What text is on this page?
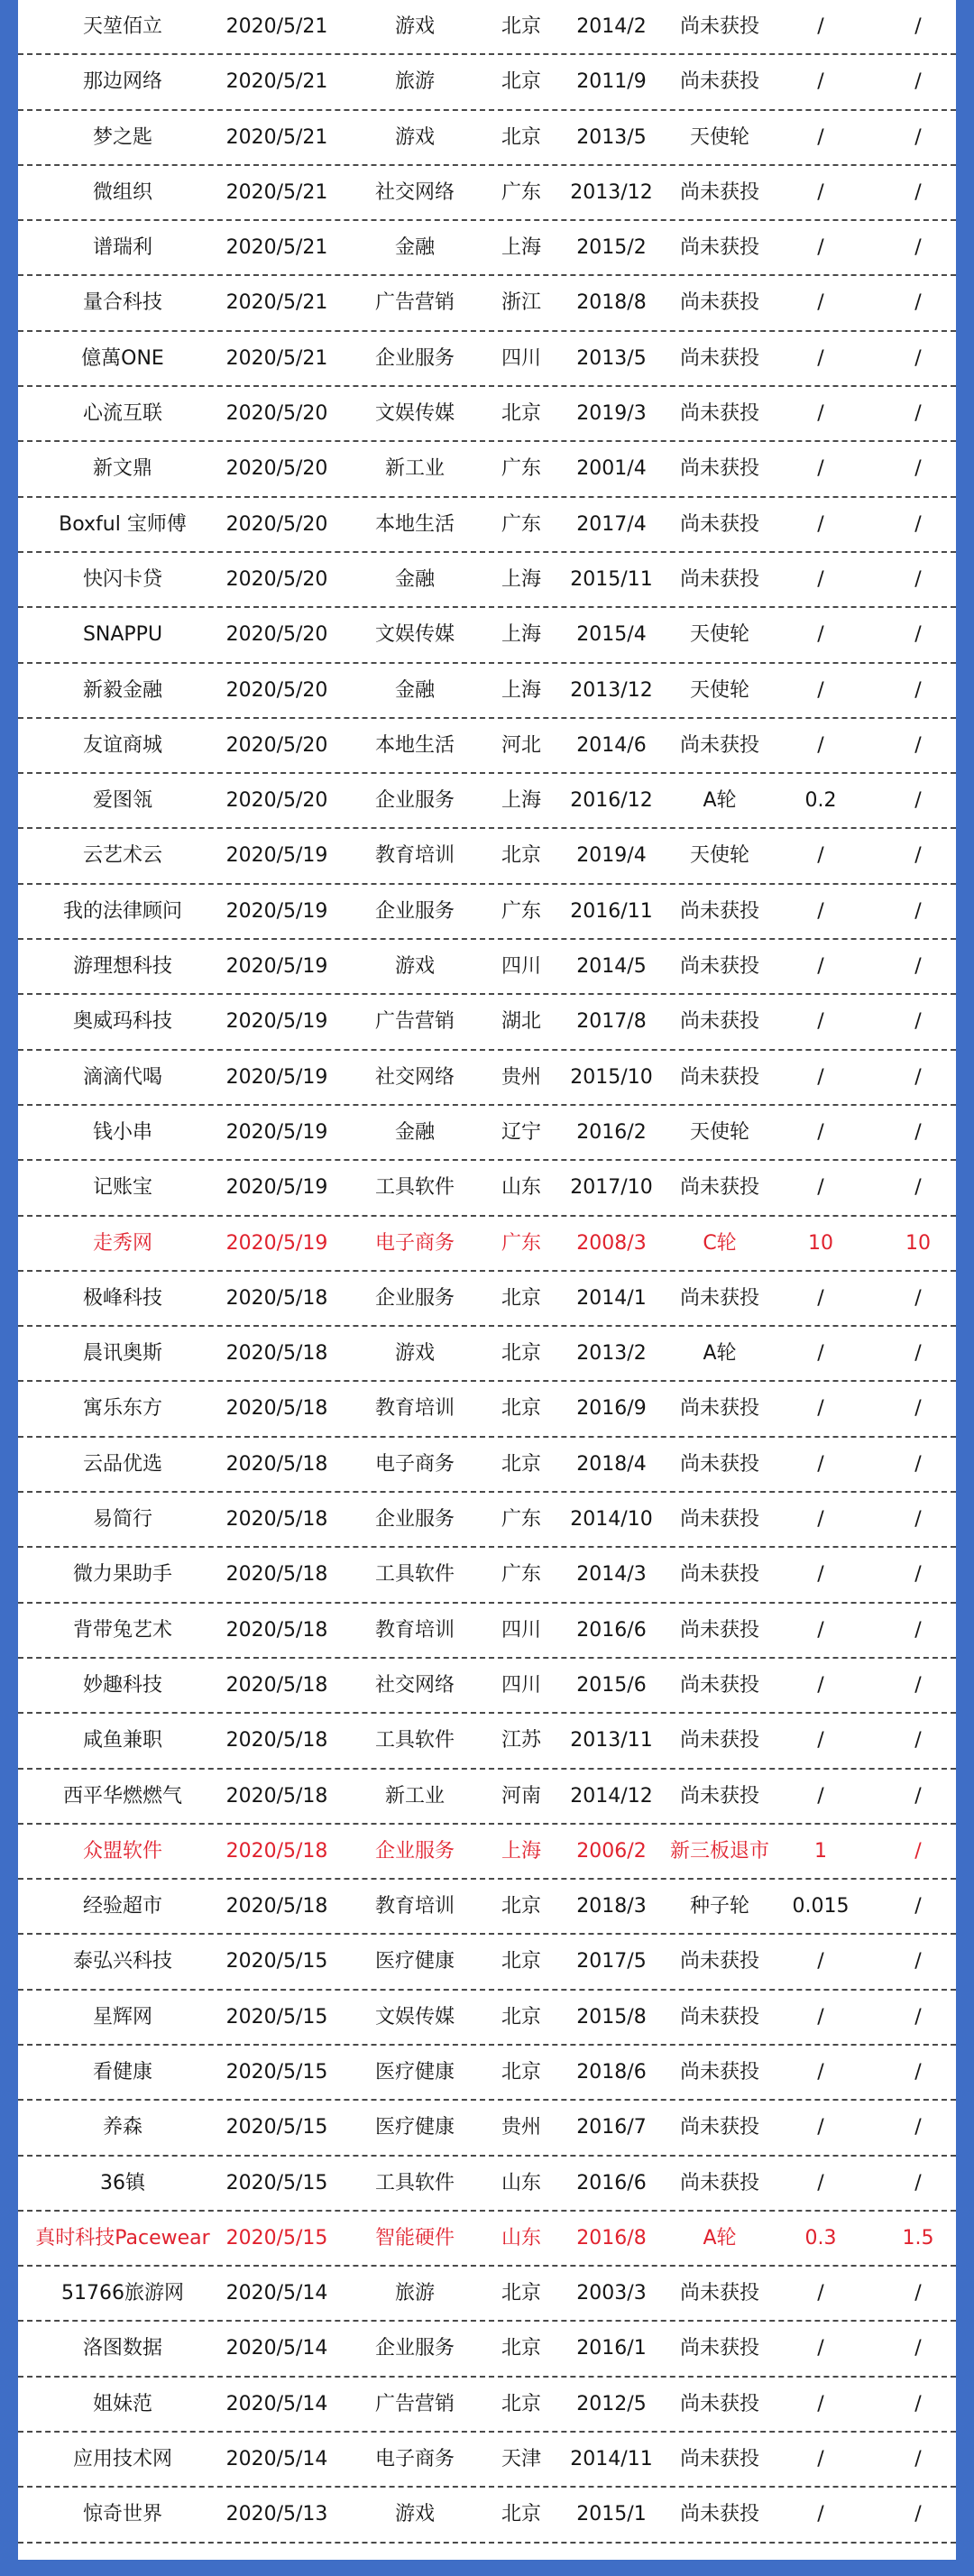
天堃佰立	2020/5/21	游戏	北京	2014/2	尚未获投	/	/
那边网络	2020/5/21	旅游	北京	2011/9	尚未获投	/	/
梦之匙	2020/5/21	游戏	北京	2013/5	天使轮	/	/
微组织	2020/5/21	社交网络	广东	2013/12	尚未获投	/	/
谱瑞利	2020/5/21	金融	上海	2015/2	尚未获投	/	/
量合科技	2020/5/21	广告营销	浙江	2018/8	尚未获投	/	/
億萬ONE	2020/5/21	企业服务	四川	2013/5	尚未获投	/	/
心流互联	2020/5/20	文娱传媒	北京	2019/3	尚未获投	/	/
新文鼎	2020/5/20	新工业	广东	2001/4	尚未获投	/	/
Boxful 宝师傅	2020/5/20	本地生活	广东	2017/4	尚未获投	/	/
快闪卡贷	2020/5/20	金融	上海	2015/11	尚未获投	/	/
SNAPPU	2020/5/20	文娱传媒	上海	2015/4	天使轮	/	/
新毅金融	2020/5/20	金融	上海	2013/12	天使轮	/	/
友谊商城	2020/5/20	本地生活	河北	2014/6	尚未获投	/	/
爱图瓴	2020/5/20	企业服务	上海	2016/12	A轮	0.2	/
云艺术云	2020/5/19	教育培训	北京	2019/4	天使轮	/	/
我的法律顾问	2020/5/19	企业服务	广东	2016/11	尚未获投	/	/
游理想科技	2020/5/19	游戏	四川	2014/5	尚未获投	/	/
奥威玛科技	2020/5/19	广告营销	湖北	2017/8	尚未获投	/	/
滴滴代喝	2020/5/19	社交网络	贵州	2015/10	尚未获投	/	/
钱小串	2020/5/19	金融	辽宁	2016/2	天使轮	/	/
记账宝	2020/5/19	工具软件	山东	2017/10	尚未获投	/	/
走秀网	2020/5/19	电子商务	广东	2008/3	C轮	10	10
极峰科技	2020/5/18	企业服务	北京	2014/1	尚未获投	/	/
晨讯奥斯	2020/5/18	游戏	北京	2013/2	A轮	/	/
寓乐东方	2020/5/18	教育培训	北京	2016/9	尚未获投	/	/
云品优选	2020/5/18	电子商务	北京	2018/4	尚未获投	/	/
易简行	2020/5/18	企业服务	广东	2014/10	尚未获投	/	/
微力果助手	2020/5/18	工具软件	广东	2014/3	尚未获投	/	/
背带兔艺术	2020/5/18	教育培训	四川	2016/6	尚未获投	/	/
妙趣科技	2020/5/18	社交网络	四川	2015/6	尚未获投	/	/
咸鱼兼职	2020/5/18	工具软件	江苏	2013/11	尚未获投	/	/
西平华燃燃气	2020/5/18	新工业	河南	2014/12	尚未获投	/	/
众盟软件	2020/5/18	企业服务	上海	2006/2	新三板退市	1	/
经验超市	2020/5/18	教育培训	北京	2018/3	种子轮	0.015	/
泰弘兴科技	2020/5/15	医疗健康	北京	2017/5	尚未获投	/	/
星辉网	2020/5/15	文娱传媒	北京	2015/8	尚未获投	/	/
看健康	2020/5/15	医疗健康	北京	2018/6	尚未获投	/	/
养森	2020/5/15	医疗健康	贵州	2016/7	尚未获投	/	/
36镇	2020/5/15	工具软件	山东	2016/6	尚未获投	/	/
真时科技Pacewear 2020/5/15	智能硬件	山东	2016/8	A轮	0.3	1.5
51766旅游网	2020/5/14	旅游	北京	2003/3	尚未获投	/	/
洛图数据	2020/5/14	企业服务	北京	2016/1	尚未获投	/	/
姐妹范	2020/5/14	广告营销	北京	2012/5	尚未获投	/	/
应用技术网	2020/5/14	电子商务	天津	2014/11	尚未获投	/	/
惊奇世界	2020/5/13	游戏	北京	2015/1	尚未获投	/	/
